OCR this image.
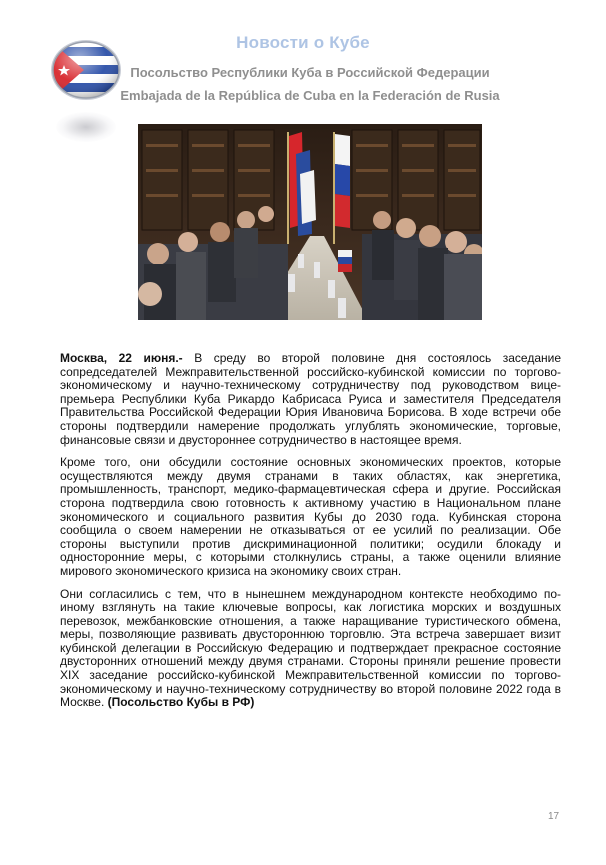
Новости о Кубе
Посольство Республики Куба в Российской Федерации
Embajada de la República de Cuba en la Federación de Rusia

Москва, 22 июня.- В среду во второй половине дня состоялось заседание сопредседателей Межправительственной российско-кубинской комиссии по торгово-экономическому и научно-техническому сотрудничеству под руководством вице-премьера Республики Куба Рикардо Кабрисаса Руиса и заместителя Председателя Правительства Российской Федерации Юрия Ивановича Борисова. В ходе встречи обе стороны подтвердили намерение продолжать углублять экономические, торговые, финансовые связи и двустороннее сотрудничество в настоящее время.

Кроме того, они обсудили состояние основных экономических проектов, которые осуществляются между двумя странами в таких областях, как энергетика, промышленность, транспорт, медико-фармацевтическая сфера и другие. Российская сторона подтвердила свою готовность к активному участию в Национальном плане экономического и социального развития Кубы до 2030 года. Кубинская сторона сообщила о своем намерении не отказываться от ее усилий по реализации. Обе стороны выступили против дискриминационной политики; осудили блокаду и односторонние меры, с которыми столкнулись страны, а также оценили влияние мирового экономического кризиса на экономику своих стран.

Они согласились с тем, что в нынешнем международном контексте необходимо по-иному взглянуть на такие ключевые вопросы, как логистика морских и воздушных перевозок, межбанковские отношения, а также наращивание туристического обмена, меры, позволяющие развивать двустороннюю торговлю. Эта встреча завершает визит кубинской делегации в Российскую Федерацию и подтверждает прекрасное состояние двусторонних отношений между двумя странами. Стороны приняли решение провести XIX заседание российско-кубинской Межправительственной комиссии по торгово-экономическому и научно-техническому сотрудничеству во второй половине 2022 года в Москве. (Посольство Кубы в РФ)

17
